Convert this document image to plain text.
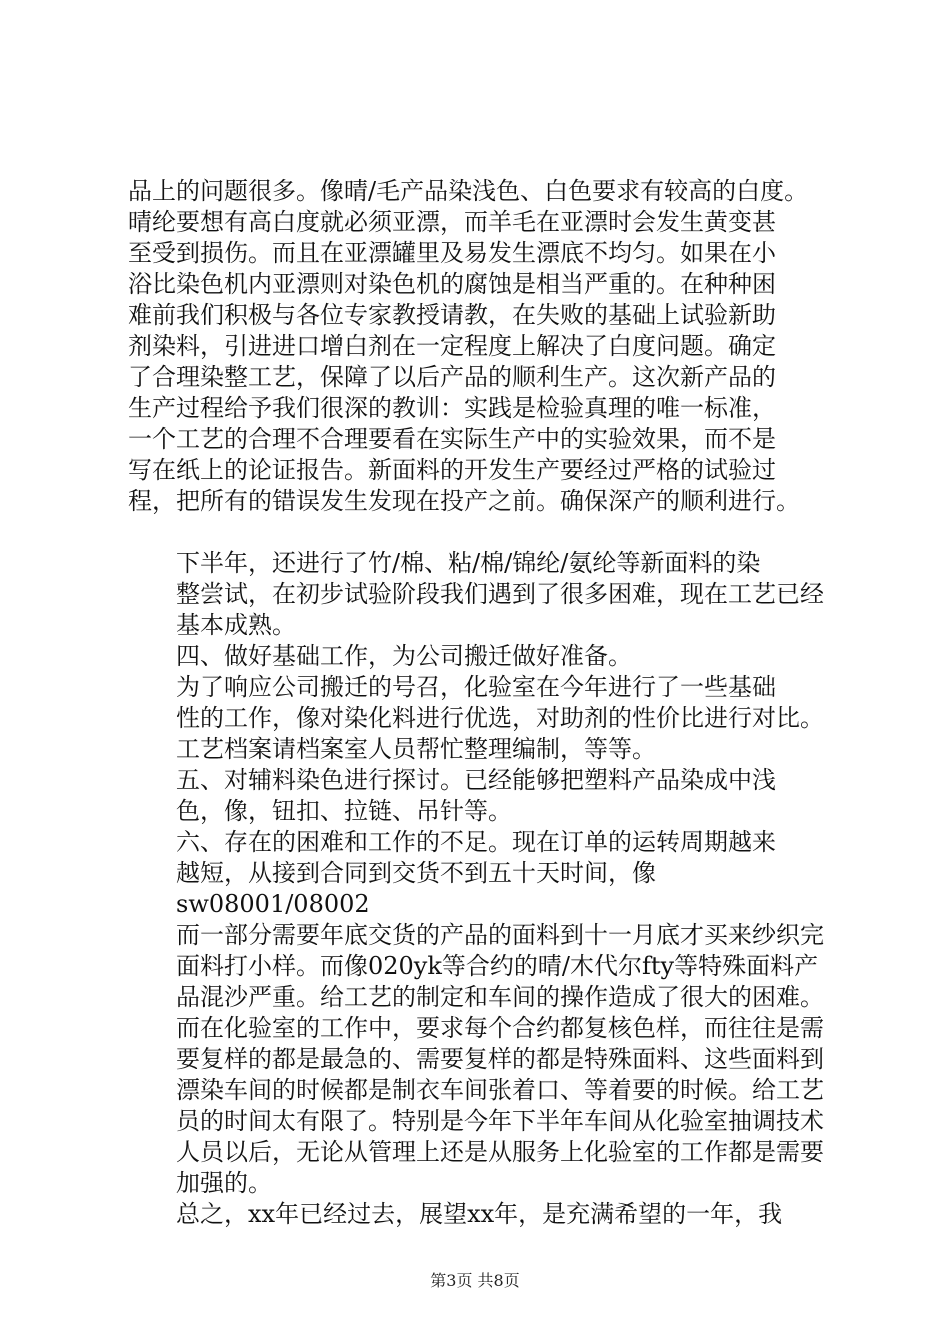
品上的问题很多。像晴/毛产品染浅色、白色要求有较高的白度。
晴纶要想有高白度就必须亚漂，而羊毛在亚漂时会发生黄变甚
至受到损伤。而且在亚漂罐里及易发生漂底不均匀。如果在小
浴比染色机内亚漂则对染色机的腐蚀是相当严重的。在种种困
难前我们积极与各位专家教授请教，在失败的基础上试验新助
剂染料，引进进口增白剂在一定程度上解决了白度问题。确定
了合理染整工艺，保障了以后产品的顺利生产。这次新产品的
生产过程给予我们很深的教训：实践是检验真理的唯一标准，
一个工艺的合理不合理要看在实际生产中的实验效果，而不是
写在纸上的论证报告。新面料的开发生产要经过严格的试验过
程，把所有的错误发生发现在投产之前。确保深产的顺利进行。

下半年，还进行了竹/棉、粘/棉/锦纶/氨纶等新面料的染
整尝试，在初步试验阶段我们遇到了很多困难，现在工艺已经
基本成熟。

四、做好基础工作，为公司搬迁做好准备。

为了响应公司搬迁的号召，化验室在今年进行了一些基础
性的工作，像对染化料进行优选，对助剂的性价比进行对比。
工艺档案请档案室人员帮忙整理编制，等等。

五、对辅料染色进行探讨。已经能够把塑料产品染成中浅
色，像，钮扣、拉链、吊针等。

六、存在的困难和工作的不足。现在订单的运转周期越来
越短，从接到合同到交货不到五十天时间，像sw08001/08002
而一部分需要年底交货的产品的面料到十一月底才买来纱织完
面料打小样。而像020yk等合约的晴/木代尔fty等特殊面料产
品混沙严重。给工艺的制定和车间的操作造成了很大的困难。
而在化验室的工作中，要求每个合约都复核色样，而往往是需
要复样的都是最急的、需要复样的都是特殊面料、这些面料到
漂染车间的时候都是制衣车间张着口、等着要的时候。给工艺
员的时间太有限了。特别是今年下半年车间从化验室抽调技术
人员以后，无论从管理上还是从服务上化验室的工作都是需要
加强的。

总之，xx年已经过去，展望xx年，是充满希望的一年，我

第3页 共8页
